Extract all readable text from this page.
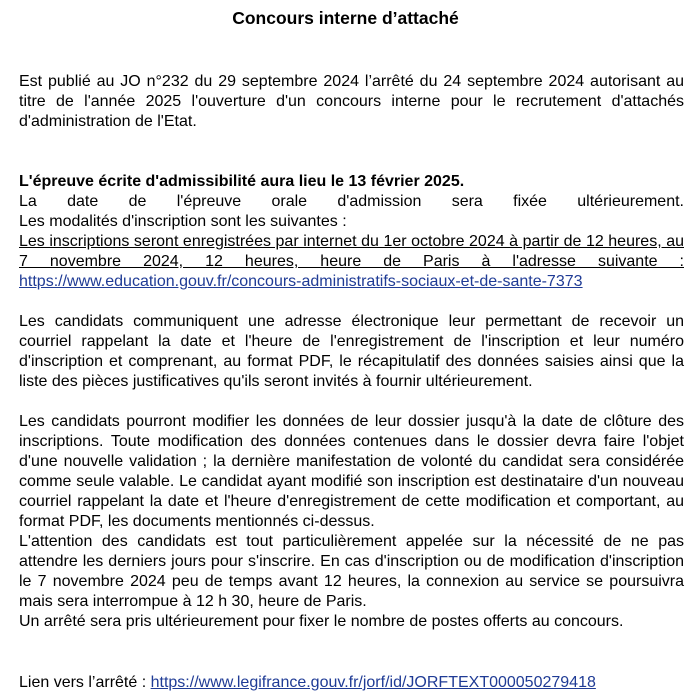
Concours interne d’attaché

Est publié au JO n°232 du 29 septembre 2024 l’arrêté du 24 septembre 2024 autorisant au titre de l'année 2025 l'ouverture d'un concours interne pour le recrutement d'attachés d'administration de l'Etat.

L'épreuve écrite d'admissibilité aura lieu le 13 février 2025.

La date de l'épreuve orale d'admission sera fixée ultérieurement.

Les modalités d'inscription sont les suivantes :

Les inscriptions seront enregistrées par internet du 1er octobre 2024 à partir de 12 heures, au 7 novembre 2024, 12 heures, heure de Paris à l'adresse suivante : https://www.education.gouv.fr/concours-administratifs-sociaux-et-de-sante-7373

Les candidats communiquent une adresse électronique leur permettant de recevoir un courriel rappelant la date et l'heure de l'enregistrement de l'inscription et leur numéro d'inscription et comprenant, au format PDF, le récapitulatif des données saisies ainsi que la liste des pièces justificatives qu'ils seront invités à fournir ultérieurement.

Les candidats pourront modifier les données de leur dossier jusqu'à la date de clôture des inscriptions. Toute modification des données contenues dans le dossier devra faire l'objet d'une nouvelle validation ; la dernière manifestation de volonté du candidat sera considérée comme seule valable. Le candidat ayant modifié son inscription est destinataire d'un nouveau courriel rappelant la date et l'heure d'enregistrement de cette modification et comportant, au format PDF, les documents mentionnés ci-dessus.

L'attention des candidats est tout particulièrement appelée sur la nécessité de ne pas attendre les derniers jours pour s'inscrire. En cas d'inscription ou de modification d'inscription le 7 novembre 2024 peu de temps avant 12 heures, la connexion au service se poursuivra mais sera interrompue à 12 h 30, heure de Paris.

Un arrêté sera pris ultérieurement pour fixer le nombre de postes offerts au concours.

Lien vers l’arrêté : https://www.legifrance.gouv.fr/jorf/id/JORFTEXT000050279418
